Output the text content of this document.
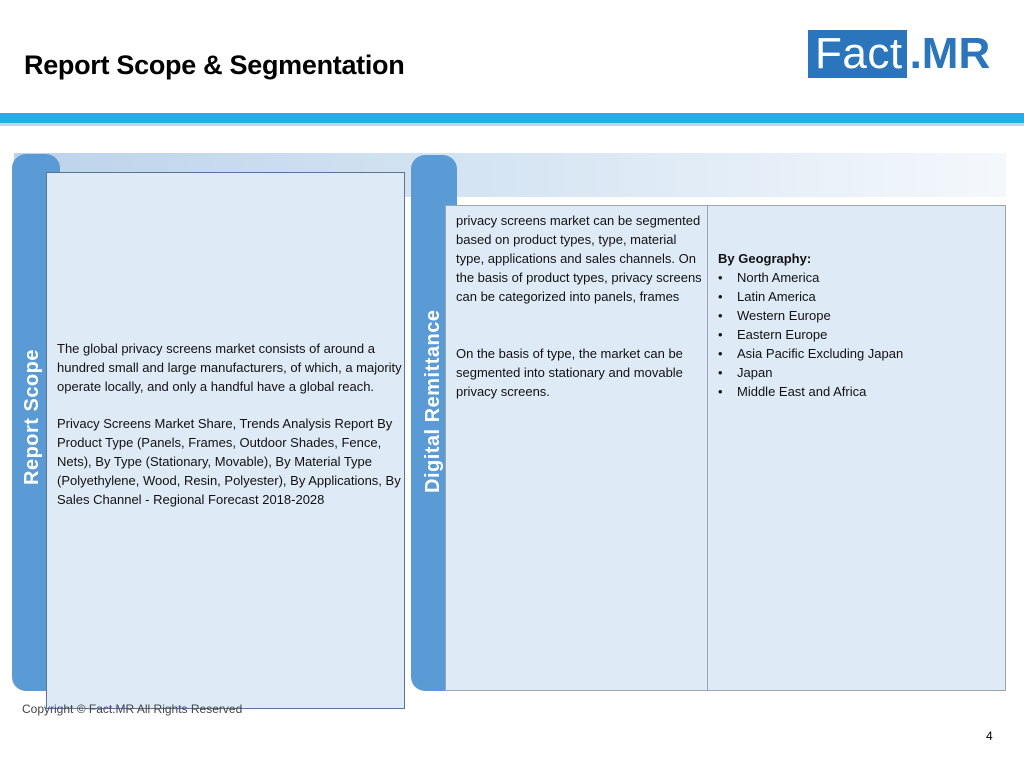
Report Scope & Segmentation	Fact .MR
Report Scope

The global privacy screens market consists of around a hundred small and large manufacturers, of which, a majority operate locally, and only a handful have a global reach.

Privacy Screens Market Share, Trends Analysis Report By Product Type (Panels, Frames, Outdoor Shades, Fence, Nets), By Type (Stationary, Movable), By Material Type (Polyethylene, Wood, Resin, Polyester), By Applications, By Sales Channel - Regional Forecast 2018-2028

Digital Remittance

privacy screens market can be segmented based on product types, type, material type, applications and sales channels. On the basis of product types, privacy screens can be categorized into panels, frames

On the basis of type, the market can be segmented into stationary and movable privacy screens.

By Geography:
• North America
• Latin America
• Western Europe
• Eastern Europe
• Asia Pacific Excluding Japan
• Japan
• Middle East and Africa
Copyright © Fact.MR All Rights Reserved
4
